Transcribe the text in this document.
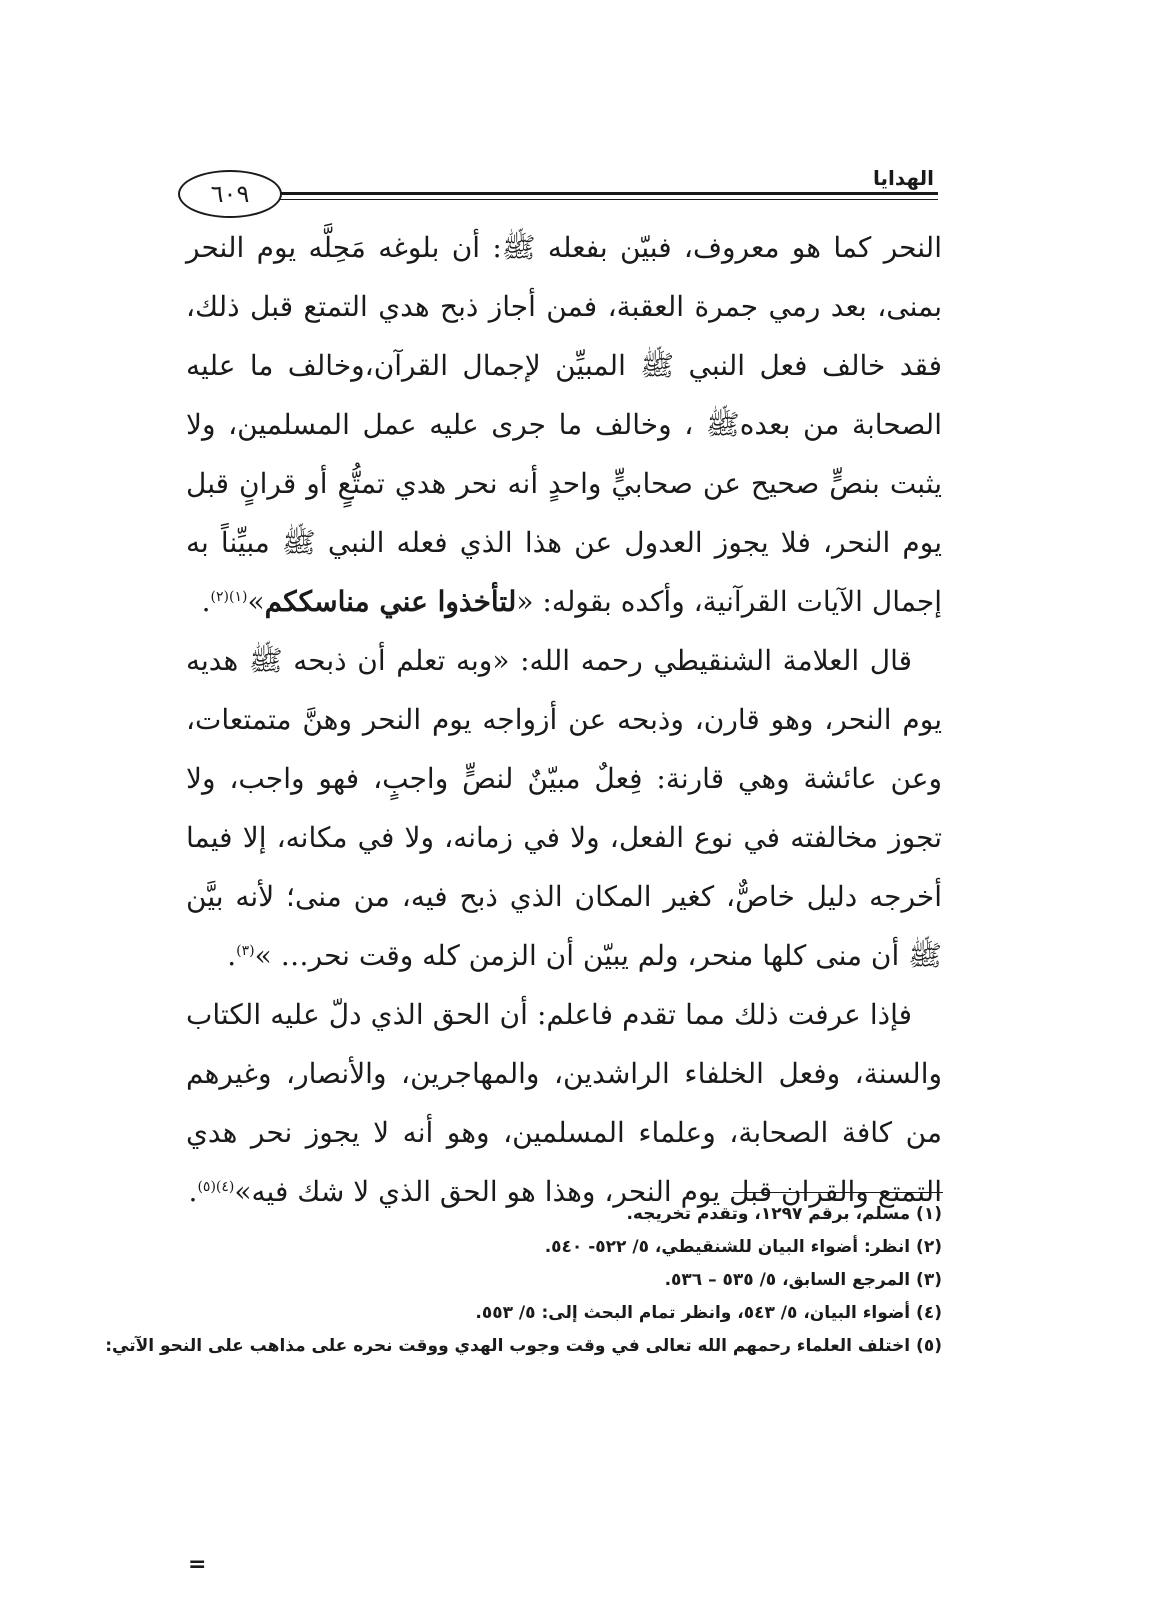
الهدايا
٦٠٩

النحر كما هو معروف، فبيّن بفعله ﷺ: أن بلوغه مَحِلَّه يوم النحر بمنى، بعد رمي جمرة العقبة، فمن أجاز ذبح هدي التمتع قبل ذلك، فقد خالف فعل النبي ﷺ المبيِّن لإجمال القرآن،وخالف ما عليه الصحابة من بعدهﷺ ، وخالف ما جرى عليه عمل المسلمين، ولا يثبت بنصٍّ صحيح عن صحابيٍّ واحدٍ أنه نحر هدي تمتُّعٍ أو قرانٍ قبل يوم النحر، فلا يجوز العدول عن هذا الذي فعله النبي ﷺ مبيِّناً به إجمال الآيات القرآنية، وأكده بقوله: «لتأخذوا عني مناسككم»$^{(١)(٢)}$.

قال العلامة الشنقيطي رحمه الله: «وبه تعلم أن ذبحه ﷺ هديه يوم النحر، وهو قارن، وذبحه عن أزواجه يوم النحر وهنَّ متمتعات، وعن عائشة وهي قارنة: فِعلٌ مبيّنٌ لنصٍّ واجبٍ، فهو واجب، ولا تجوز مخالفته في نوع الفعل، ولا في زمانه، ولا في مكانه، إلا فيما أخرجه دليل خاصٌّ، كغير المكان الذي ذبح فيه، من منى؛ لأنه بيَّن ﷺ أن منى كلها منحر، ولم يبيّن أن الزمن كله وقت نحر… »$^{(٣)}$.

فإذا عرفت ذلك مما تقدم فاعلم: أن الحق الذي دلّ عليه الكتاب والسنة، وفعل الخلفاء الراشدين، والمهاجرين، والأنصار، وغيرهم من كافة الصحابة، وعلماء المسلمين، وهو أنه لا يجوز نحر هدي التمتع والقران قبل يوم النحر، وهذا هو الحق الذي لا شك فيه»$^{(٤)(٥)}$.

(١) مسلم، برقم ١٢٩٧، وتقدم تخريجه.

(٢) انظر: أضواء البيان للشنقيطي، ٥/ ٥٢٢- ٥٤٠.

(٣) المرجع السابق، ٥/ ٥٣٥ – ٥٣٦.

(٤) أضواء البيان، ٥/ ٥٤٣، وانظر تمام البحث إلى: ٥/ ٥٥٣.

(٥) اختلف العلماء رحمهم الله تعالى في وقت وجوب الهدي ووقت نحره على مذاهب على النحو الآتي:

=
